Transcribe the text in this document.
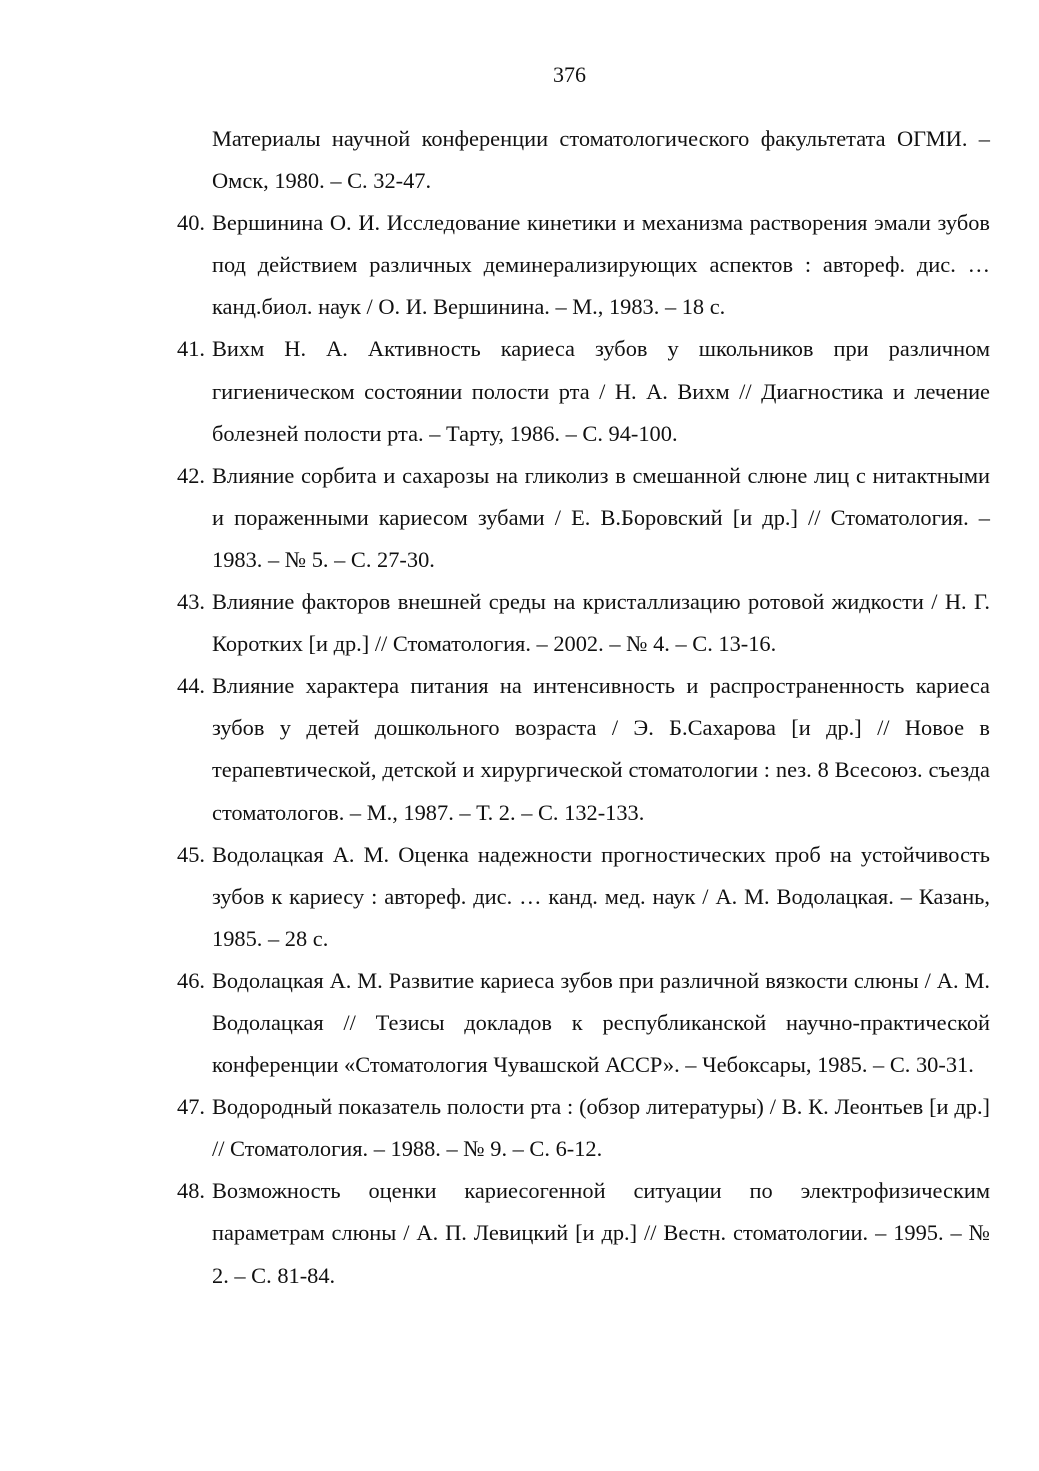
376

Материалы научной конференции стоматологического факультетата ОГМИ. – Омск, 1980. – С. 32-47.

40. Вершинина О. И. Исследование кинетики и механизма растворения эмали зубов под действием различных деминерализирующих аспектов : автореф. дис. … канд.биол. наук / О. И. Вершинина. – М., 1983. – 18 с.

41. Вихм Н. А. Активность кариеса зубов у школьников при различном гигиеническом состоянии полости рта / Н. А. Вихм // Диагностика и лечение болезней полости рта. – Тарту, 1986. – С. 94-100.

42. Влияние сорбита и сахарозы на гликолиз в смешанной слюне лиц с нитактными и пораженными кариесом зубами / Е. В.Боровский [и др.] // Стоматология. – 1983. – № 5. – С. 27-30.

43. Влияние факторов внешней среды на кристаллизацию ротовой жидкости / Н. Г. Коротких [и др.] // Стоматология. – 2002. – № 4. – С. 13-16.

44. Влияние характера питания на интенсивность и распространенность кариеса зубов у детей дошкольного возраста / Э. Б.Сахарова [и др.] // Новое в терапевтической, детской и хирургической стоматологии : nез. 8 Всесоюз. съезда стоматологов. – М., 1987. – Т. 2. – С. 132-133.

45. Водолацкая А. М. Оценка надежности прогностических проб на устойчивость зубов к кариесу : автореф. дис. … канд. мед. наук / А. М. Водолацкая. – Казань, 1985. – 28 с.

46. Водолацкая А. М. Развитие кариеса зубов при различной вязкости слюны / А. М. Водолацкая // Тезисы докладов к республиканской научно-практической конференции «Стоматология Чувашской АССР». – Чебоксары, 1985. – С. 30-31.

47. Водородный показатель полости рта : (обзор литературы) / В. К. Леонтьев [и др.] // Стоматология. – 1988. – № 9. – С. 6-12.

48. Возможность оценки кариесогенной ситуации по электрофизическим параметрам слюны / А. П. Левицкий [и др.] // Вестн. стоматологии. – 1995. – № 2. – С. 81-84.
